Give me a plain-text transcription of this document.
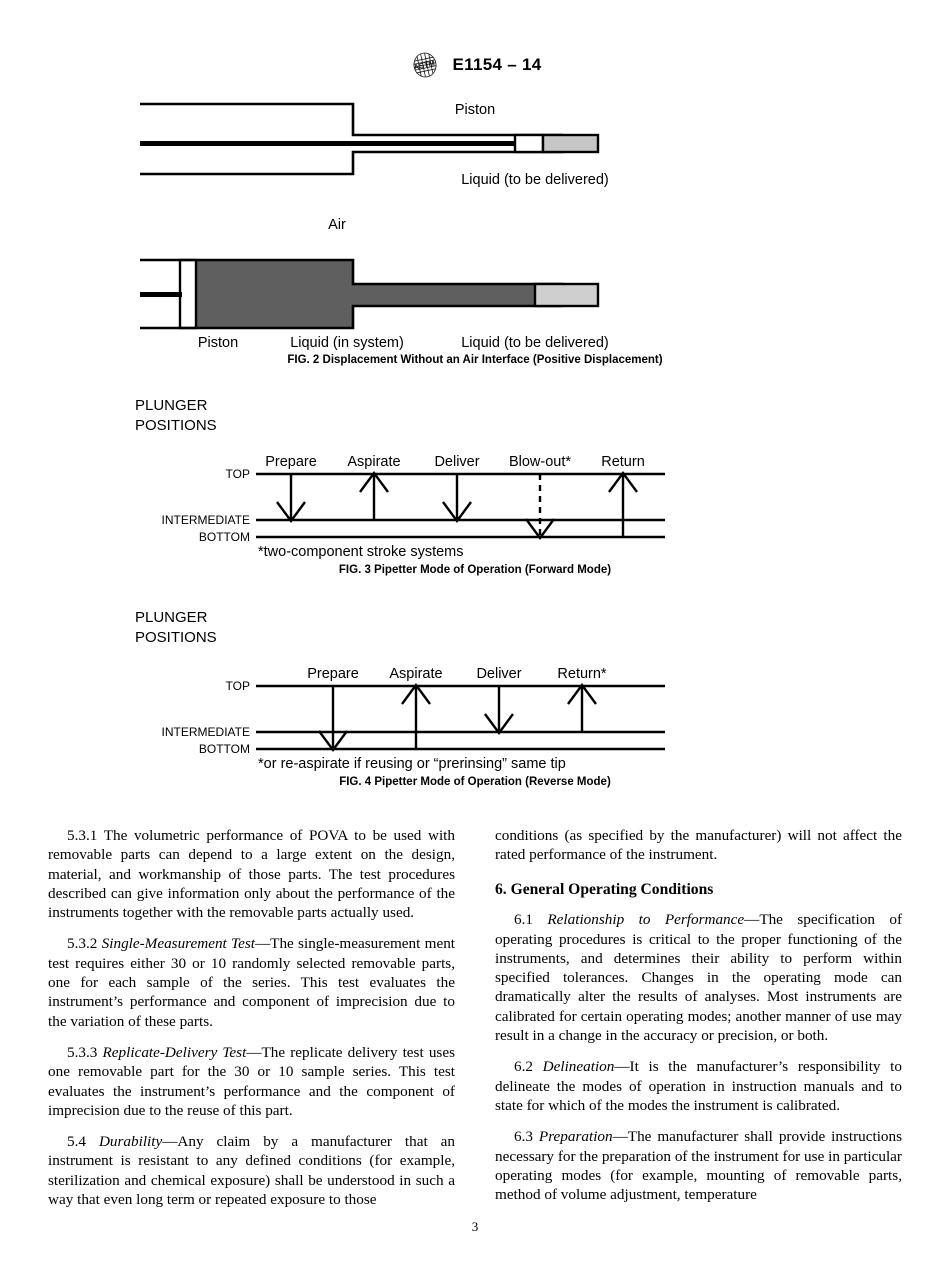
ASTM E1154 – 14
Piston
Liquid (to be delivered)
Air
Piston	Liquid (in system)	Liquid (to be delivered)
FIG. 2 Displacement Without an Air Interface (Positive Displacement)
PLUNGER
POSITIONS
TOP
INTERMEDIATE
BOTTOM
Prepare Aspirate Deliver Blow-out* Return
*two-component stroke systems
FIG. 3 Pipetter Mode of Operation (Forward Mode)
PLUNGER
POSITIONS
TOP
INTERMEDIATE
BOTTOM
Prepare Aspirate Deliver Return*
*or re-aspirate if reusing or “prerinsing” same tip
FIG. 4 Pipetter Mode of Operation (Reverse Mode)

5.3.1 The volumetric performance of POVA to be used with removable parts can depend to a large extent on the design, material, and workmanship of those parts. The test procedures described can give information only about the performance of the instruments together with the removable parts actually used.

5.3.2 Single-Measurement Test—The single-measurement ment test requires either 30 or 10 randomly selected removable parts, one for each sample of the series. This test evaluates the instrument’s performance and component of imprecision due to the variation of these parts.

5.3.3 Replicate-Delivery Test—The replicate delivery test uses one removable part for the 30 or 10 sample series. This test evaluates the instrument’s performance and the component of imprecision due to the reuse of this part.

5.4 Durability—Any claim by a manufacturer that an instrument is resistant to any defined conditions (for example, sterilization and chemical exposure) shall be understood in such a way that even long term or repeated exposure to those

conditions (as specified by the manufacturer) will not affect the rated performance of the instrument.

6. General Operating Conditions

6.1 Relationship to Performance—The specification of operating procedures is critical to the proper functioning of the instruments, and determines their ability to perform within specified tolerances. Changes in the operating mode can dramatically alter the results of analyses. Most instruments are calibrated for certain operating modes; another manner of use may result in a change in the accuracy or precision, or both.

6.2 Delineation—It is the manufacturer’s responsibility to delineate the modes of operation in instruction manuals and to state for which of the modes the instrument is calibrated.

6.3 Preparation—The manufacturer shall provide instructions necessary for the preparation of the instrument for use in particular operating modes (for example, mounting of removable parts, method of volume adjustment, temperature

3
